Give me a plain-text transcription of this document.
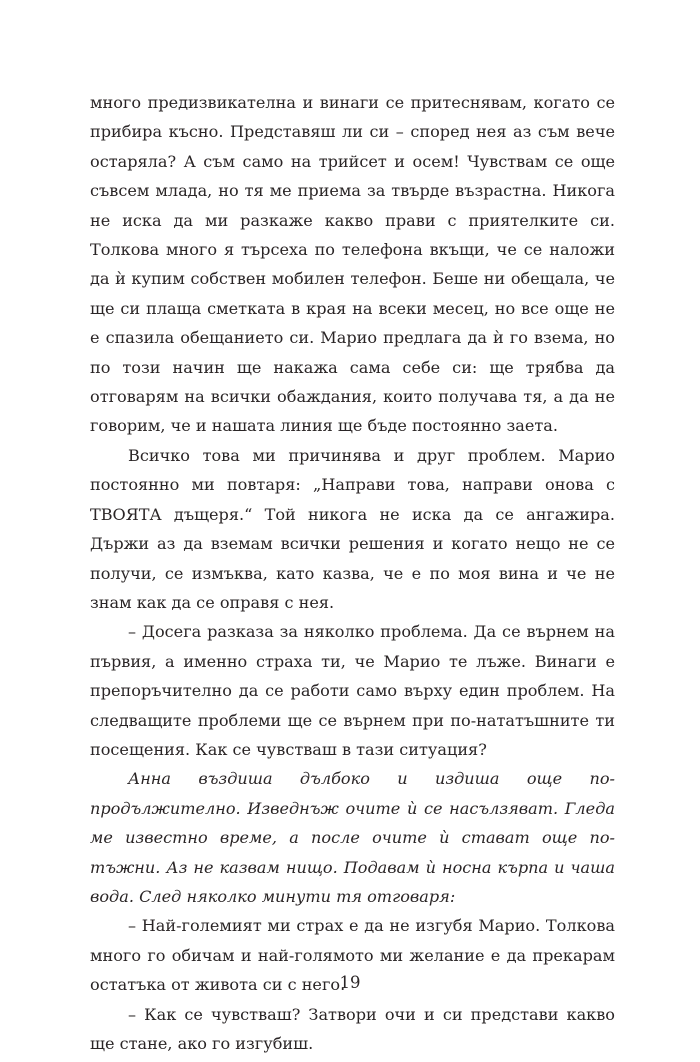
много предизвикателна и винаги се притеснявам, когато се прибира късно. Представяш ли си – според нея аз съм вече остаряла? А съм само на трийсет и осем! Чувствам се още съвсем млада, но тя ме приема за твърде възрастна. Никога не иска да ми разкаже какво прави с приятелките си. Толкова много я търсеха по телефона вкъщи, че се наложи да ѝ купим собствен мобилен телефон. Беше ни обещала, че ще си плаща сметката в края на всеки месец, но все още не е спазила обещанието си. Марио предлага да ѝ го взема, но по този начин ще накажа сама себе си: ще трябва да отговарям на всички обаждания, които получава тя, а да не говорим, че и нашата линия ще бъде постоянно заета.

Всичко това ми причинява и друг проблем. Марио постоянно ми повтаря: „Направи това, направи онова с ТВОЯТА дъщеря.“ Той никога не иска да се ангажира. Държи аз да вземам всички решения и когато нещо не се получи, се измъква, като казва, че е по моя вина и че не знам как да се оправя с нея.

– Досега разказа за няколко проблема. Да се върнем на първия, а именно страха ти, че Марио те лъже. Винаги е препоръчително да се работи само върху един проблем. На следващите проблеми ще се върнем при по-нататъшните ти посещения. Как се чувстваш в тази ситуация?

Анна въздиша дълбоко и издиша още по-продължително. Изведнъж очите ѝ се насълзяват. Гледа ме известно време, а после очите ѝ стават още по-тъжни. Аз не казвам нищо. Подавам ѝ носна кърпа и чаша вода. След няколко минути тя отговаря:

– Най-големият ми страх е да не изгубя Марио. Толкова много го обичам и най-голямото ми желание е да прекарам остатъка от живота си с него.

– Как се чувстваш? Затвори очи и си представи какво ще стане, ако го изгубиш.

19
